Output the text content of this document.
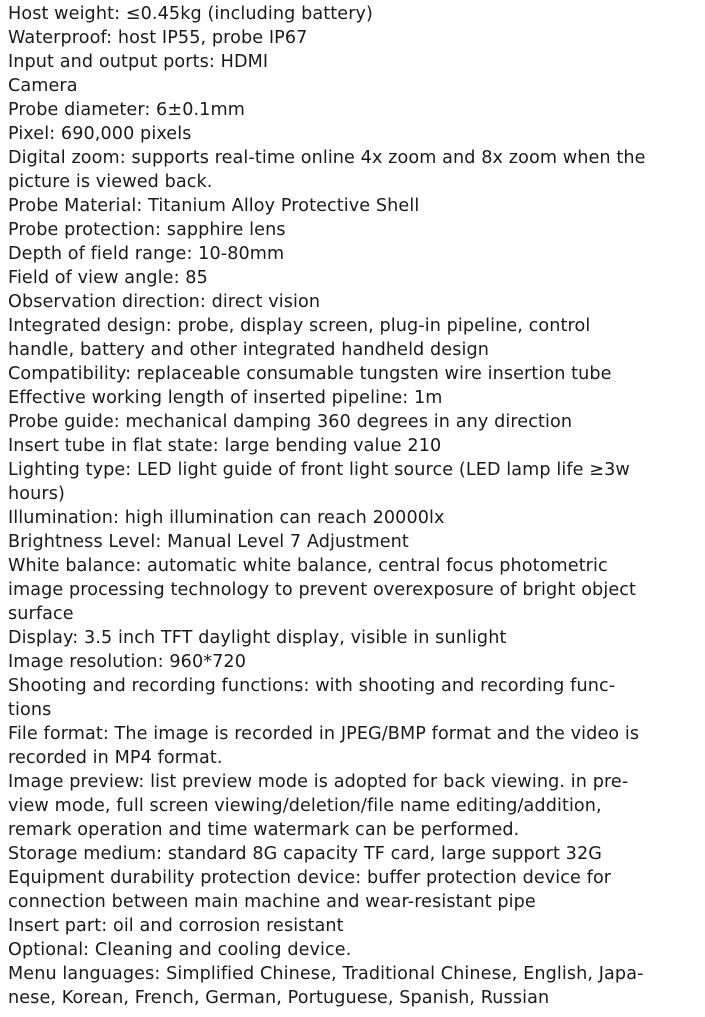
Host weight: ≤0.45kg (including battery)
Waterproof: host IP55, probe IP67
Input and output ports: HDMI
Camera
Probe diameter: 6±0.1mm
Pixel: 690,000 pixels
Digital zoom: supports real-time online 4x zoom and 8x zoom when the
picture is viewed back.
Probe Material: Titanium Alloy Protective Shell
Probe protection: sapphire lens
Depth of field range: 10-80mm
Field of view angle: 85
Observation direction: direct vision
Integrated design: probe, display screen, plug-in pipeline, control
handle, battery and other integrated handheld design
Compatibility: replaceable consumable tungsten wire insertion tube
Effective working length of inserted pipeline: 1m
Probe guide: mechanical damping 360 degrees in any direction
Insert tube in flat state: large bending value 210
Lighting type: LED light guide of front light source (LED lamp life ≥3w
hours)
Illumination: high illumination can reach 20000lx
Brightness Level: Manual Level 7 Adjustment
White balance: automatic white balance, central focus photometric
image processing technology to prevent overexposure of bright object
surface
Display: 3.5 inch TFT daylight display, visible in sunlight
Image resolution: 960*720
Shooting and recording functions: with shooting and recording func-
tions
File format: The image is recorded in JPEG/BMP format and the video is
recorded in MP4 format.
Image preview: list preview mode is adopted for back viewing. in pre-
view mode, full screen viewing/deletion/file name editing/addition,
remark operation and time watermark can be performed.
Storage medium: standard 8G capacity TF card, large support 32G
Equipment durability protection device: buffer protection device for
connection between main machine and wear-resistant pipe
Insert part: oil and corrosion resistant
Optional: Cleaning and cooling device.
Menu languages: Simplified Chinese, Traditional Chinese, English, Japa-
nese, Korean, French, German, Portuguese, Spanish, Russian
